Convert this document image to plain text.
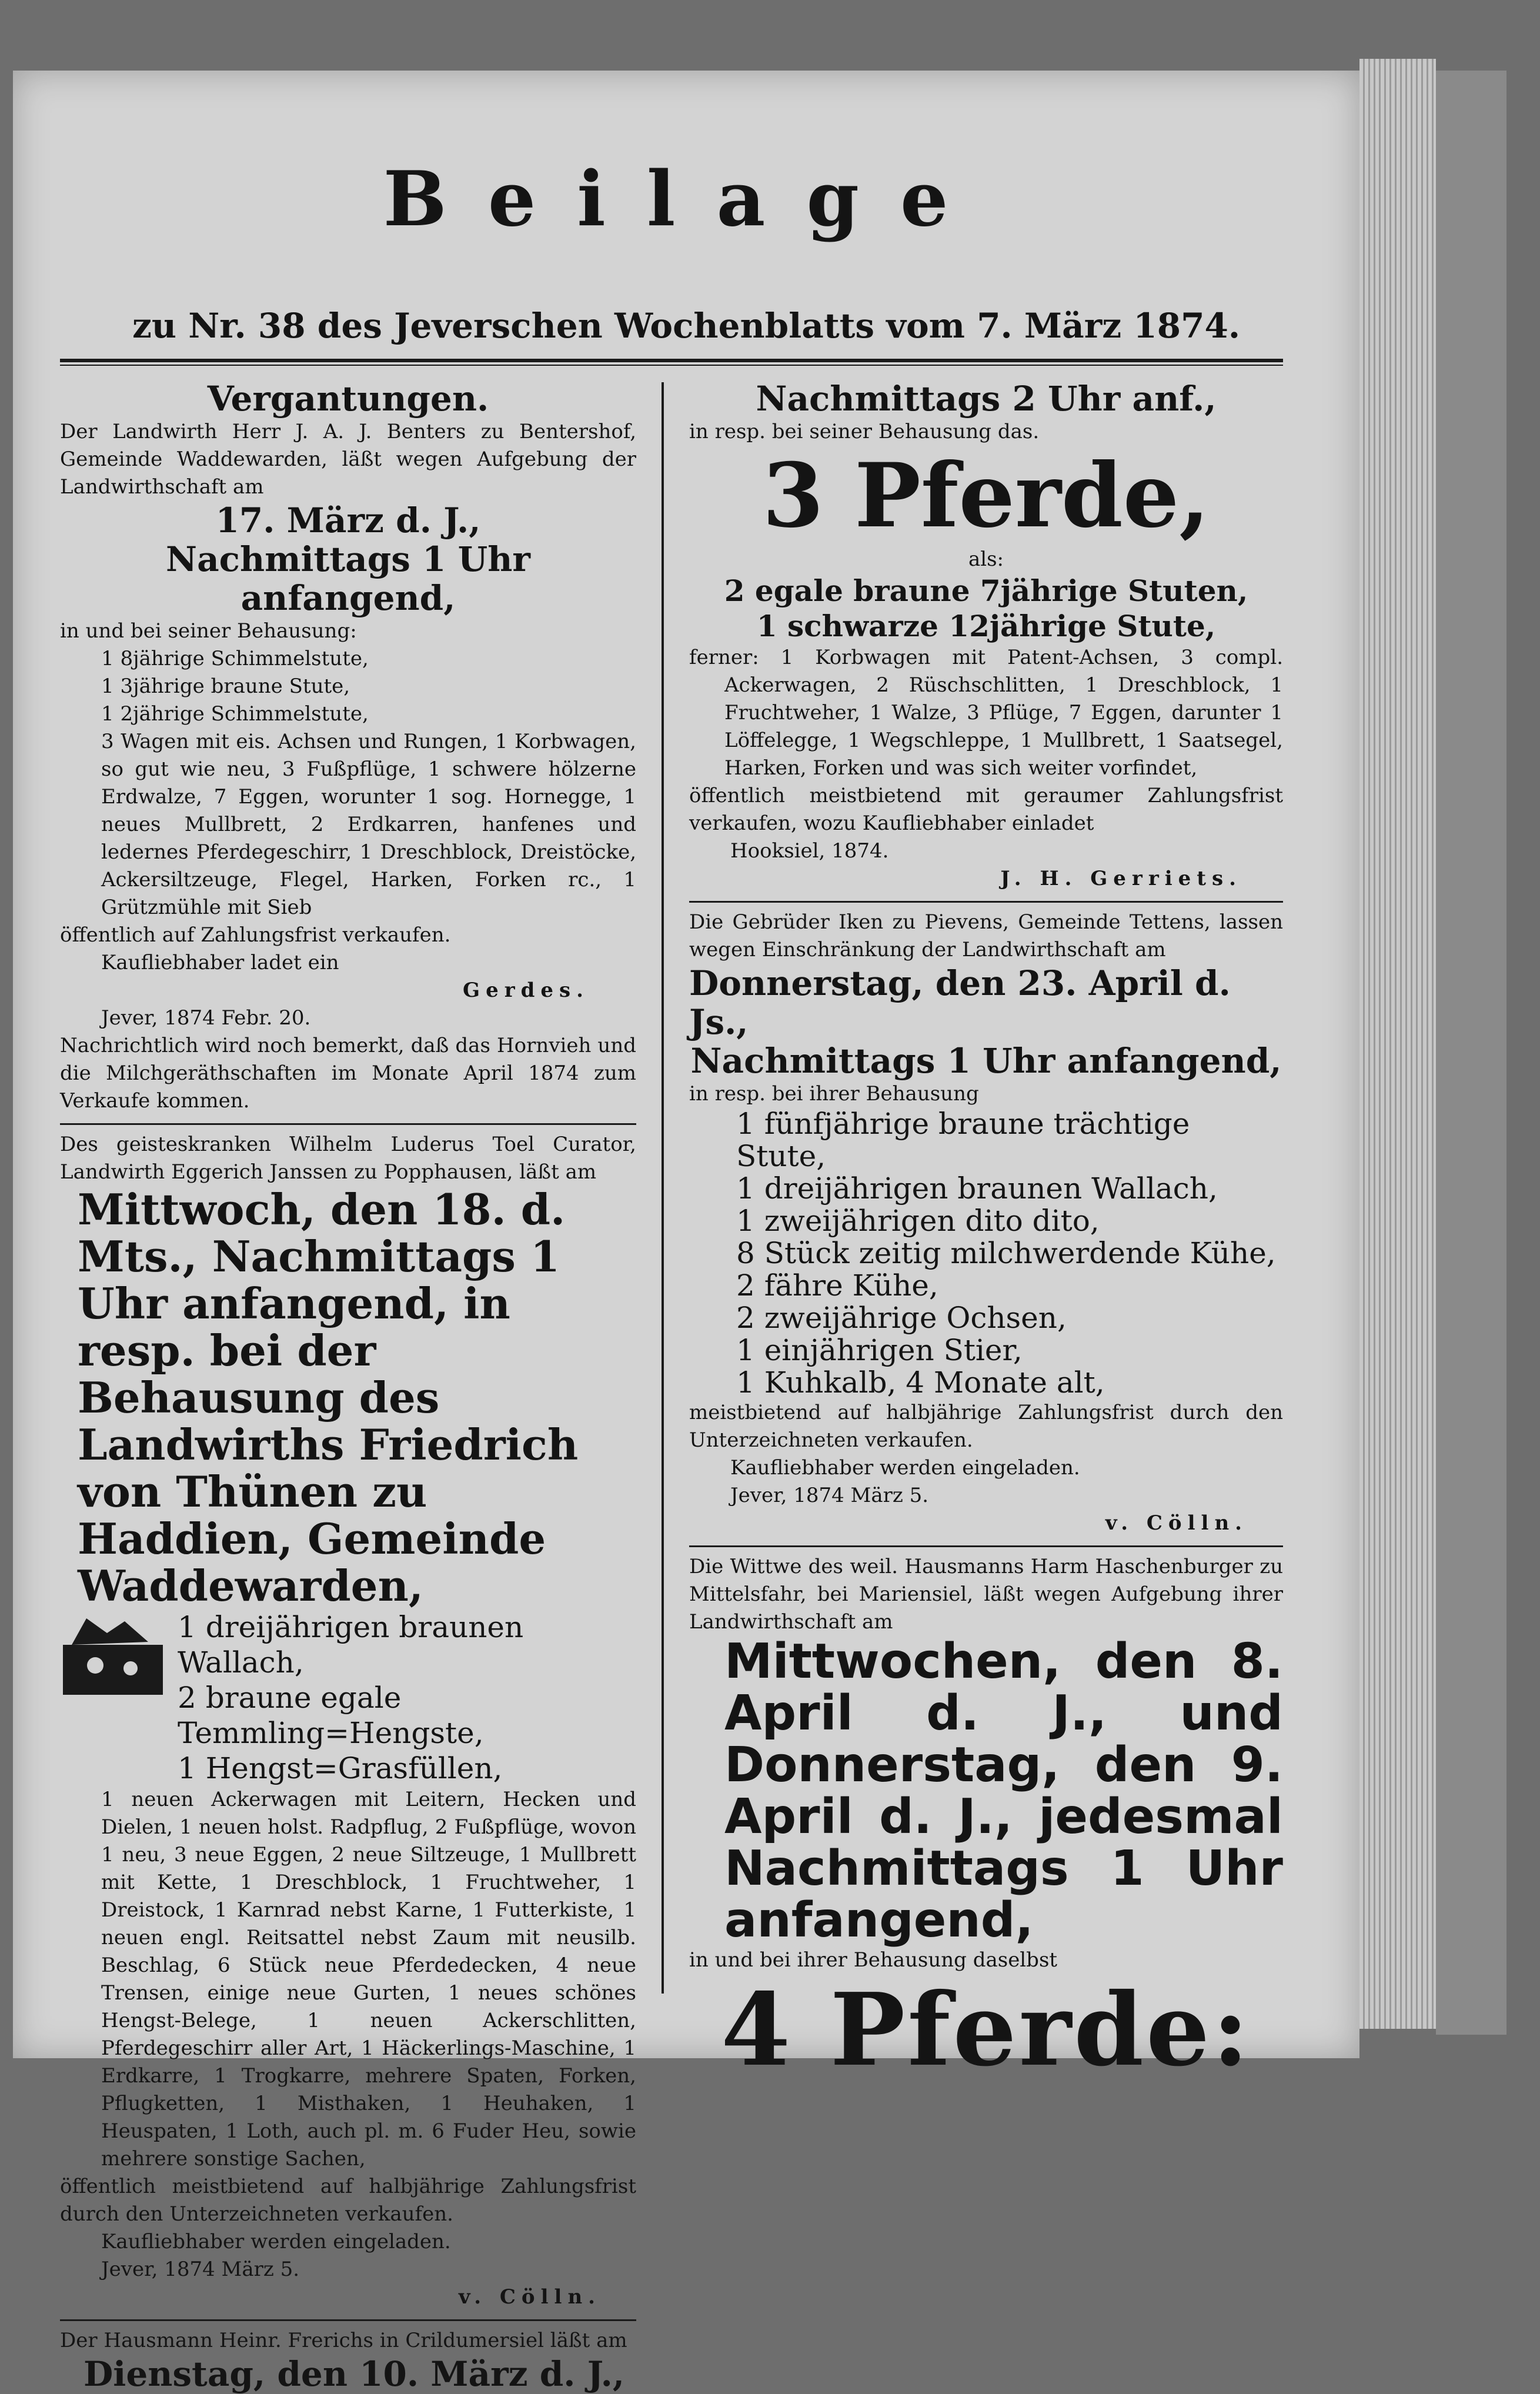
Beilage
zu Nr. 38 des Jeverschen Wochenblatts vom 7. März 1874.
Vergantungen.
Der Landwirth Herr J. A. J. Benters zu Bentershof, Gemeinde Waddewarden, läßt wegen Aufgebung der Landwirthschaft am
17. März d. J.,
Nachmittags 1 Uhr anfangend,
in und bei seiner Behausung:
1 8jährige Schimmelstute,
1 3jährige braune Stute,
1 2jährige Schimmelstute,
3 Wagen mit eis. Achsen und Rungen, 1 Korbwagen, so gut wie neu, 3 Fußpflüge, 1 schwere hölzerne Erdwalze, 7 Eggen, worunter 1 sog. Hornegge, 1 neues Mullbrett, 2 Erdkarren, hanfenes und ledernes Pferdegeschirr, 1 Dreschblock, Dreistöcke, Ackersiltzeuge, Flegel, Harken, Forken rc., 1 Grützmühle mit Sieb
öffentlich auf Zahlungsfrist verkaufen.
Kaufliebhaber ladet ein
Gerdes.
Jever, 1874 Febr. 20.
Nachrichtlich wird noch bemerkt, daß das Hornvieh und die Milchgeräthschaften im Monate April 1874 zum Verkaufe kommen.
Des geisteskranken Wilhelm Luderus Toel Curator, Landwirth Eggerich Janssen zu Popphausen, läßt am
Mittwoch, den 18. d. Mts., Nachmittags 1 Uhr anfangend, in resp. bei der Behausung des Landwirths Friedrich von Thünen zu Haddien, Gemeinde Waddewarden,
1 dreijährigen braunen Wallach,
2 braune egale Temmling=Hengste,
1 Hengst=Grasfüllen,
1 neuen Ackerwagen mit Leitern, Hecken und Dielen, 1 neuen holst. Radpflug, 2 Fußpflüge, wovon 1 neu, 3 neue Eggen, 2 neue Siltzeuge, 1 Mullbrett mit Kette, 1 Dreschblock, 1 Fruchtweher, 1 Dreistock, 1 Karnrad nebst Karne, 1 Futterkiste, 1 neuen engl. Reitsattel nebst Zaum mit neusilb. Beschlag, 6 Stück neue Pferdedecken, 4 neue Trensen, einige neue Gurten, 1 neues schönes Hengst-Belege, 1 neuen Ackerschlitten, Pferdegeschirr aller Art, 1 Häckerlings-Maschine, 1 Erdkarre, 1 Trogkarre, mehrere Spaten, Forken, Pflugketten, 1 Misthaken, 1 Heuhaken, 1 Heuspaten, 1 Loth, auch pl. m. 6 Fuder Heu, sowie mehrere sonstige Sachen,
öffentlich meistbietend auf halbjährige Zahlungsfrist durch den Unterzeichneten verkaufen.
Kaufliebhaber werden eingeladen.
Jever, 1874 März 5.
v. Cölln.
Der Hausmann Heinr. Frerichs in Crildumersiel läßt am
Dienstag, den 10. März d. J.,
Nachmittags 2 Uhr anf.,
in resp. bei seiner Behausung das.
3 Pferde,
als:
2 egale braune 7jährige Stuten,
1 schwarze 12jährige Stute,
ferner: 1 Korbwagen mit Patent-Achsen, 3 compl. Ackerwagen, 2 Rüschschlitten, 1 Dreschblock, 1 Fruchtweher, 1 Walze, 3 Pflüge, 7 Eggen, darunter 1 Löffelegge, 1 Wegschleppe, 1 Mullbrett, 1 Saatsegel, Harken, Forken und was sich weiter vorfindet,
öffentlich meistbietend mit geraumer Zahlungsfrist verkaufen, wozu Kaufliebhaber einladet
Hooksiel, 1874.
J. H. Gerriets.
Die Gebrüder Iken zu Pievens, Gemeinde Tettens, lassen wegen Einschränkung der Landwirthschaft am
Donnerstag, den 23. April d. Js.,
Nachmittags 1 Uhr anfangend,
in resp. bei ihrer Behausung
1 fünfjährige braune trächtige Stute,
1 dreijährigen braunen Wallach,
1 zweijährigen dito dito,
8 Stück zeitig milchwerdende Kühe,
2 fähre Kühe,
2 zweijährige Ochsen,
1 einjährigen Stier,
1 Kuhkalb, 4 Monate alt,
meistbietend auf halbjährige Zahlungsfrist durch den Unterzeichneten verkaufen.
Kaufliebhaber werden eingeladen.
Jever, 1874 März 5.
v. Cölln.
Die Wittwe des weil. Hausmanns Harm Haschenburger zu Mittelsfahr, bei Mariensiel, läßt wegen Aufgebung ihrer Landwirthschaft am
Mittwochen, den 8. April d. J., und Donnerstag, den 9. April d. J., jedesmal Nachmittags 1 Uhr anfangend,
in und bei ihrer Behausung daselbst
4 Pferde:
